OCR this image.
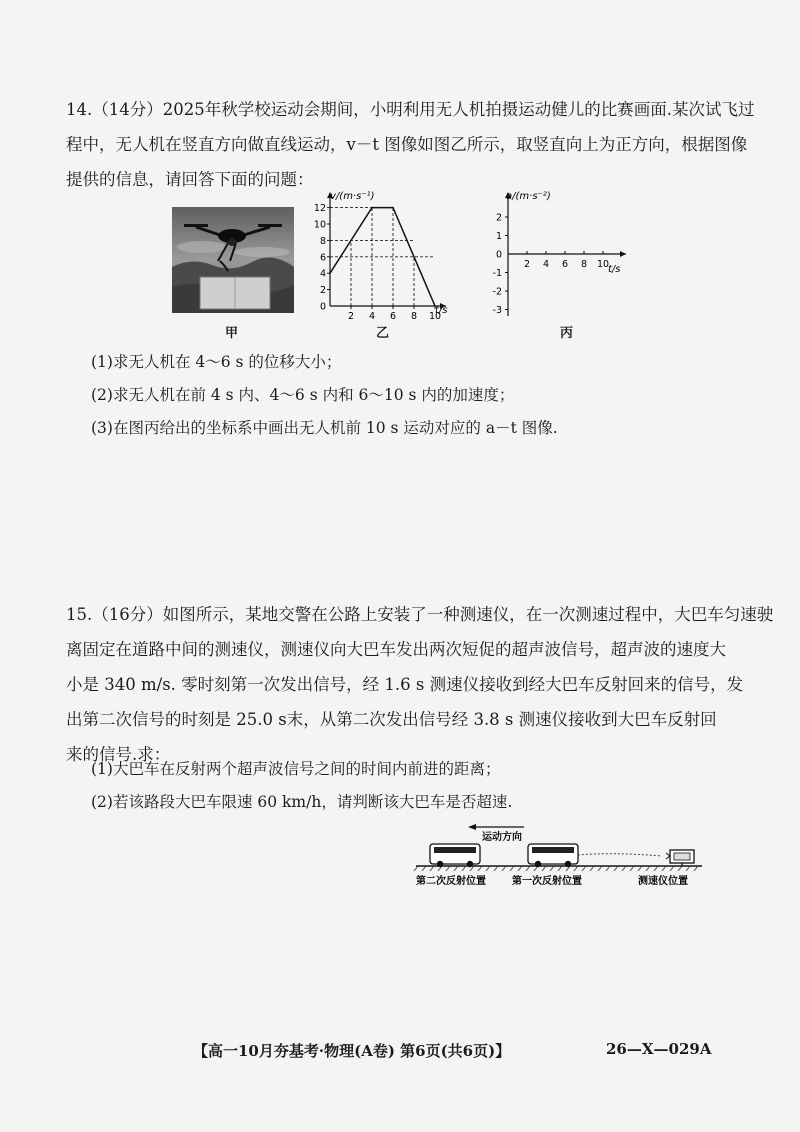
14.（14分）2025年秋学校运动会期间，小明利用无人机拍摄运动健儿的比赛画面.某次试飞过

程中，无人机在竖直方向做直线运动，v－t 图像如图乙所示，取竖直向上为正方向，根据图像

提供的信息，请回答下面的问题：

甲
12
10
8
6
4
2
0
2 4 6 8 10
v/(m·s⁻¹)
t/s
乙
2
1
0
-1
-2
-3
2 4 6 8 10
a/(m·s⁻²)
t/s
丙
(1)求无人机在 4～6 s 的位移大小；
(2)求无人机在前 4 s 内、4～6 s 内和 6～10 s 内的加速度；
(3)在图丙给出的坐标系中画出无人机前 10 s 运动对应的 a－t 图像.

15.（16分）如图所示，某地交警在公路上安装了一种测速仪，在一次测速过程中，大巴车匀速驶

离固定在道路中间的测速仪，测速仪向大巴车发出两次短促的超声波信号，超声波的速度大

小是 340 m/s. 零时刻第一次发出信号，经 1.6 s 测速仪接收到经大巴车反射回来的信号，发

出第二次信号的时刻是 25.0 s末，从第二次发出信号经 3.8 s 测速仪接收到大巴车反射回

来的信号.求：

(1)大巴车在反射两个超声波信号之间的时间内前进的距离；
(2)若该路段大巴车限速 60 km/h，请判断该大巴车是否超速.
运动方向
第二次反射位置	第一次反射位置	测速仪位置
【高一10月夯基考·物理(A卷) 第6页(共6页)】	26—X—029A
